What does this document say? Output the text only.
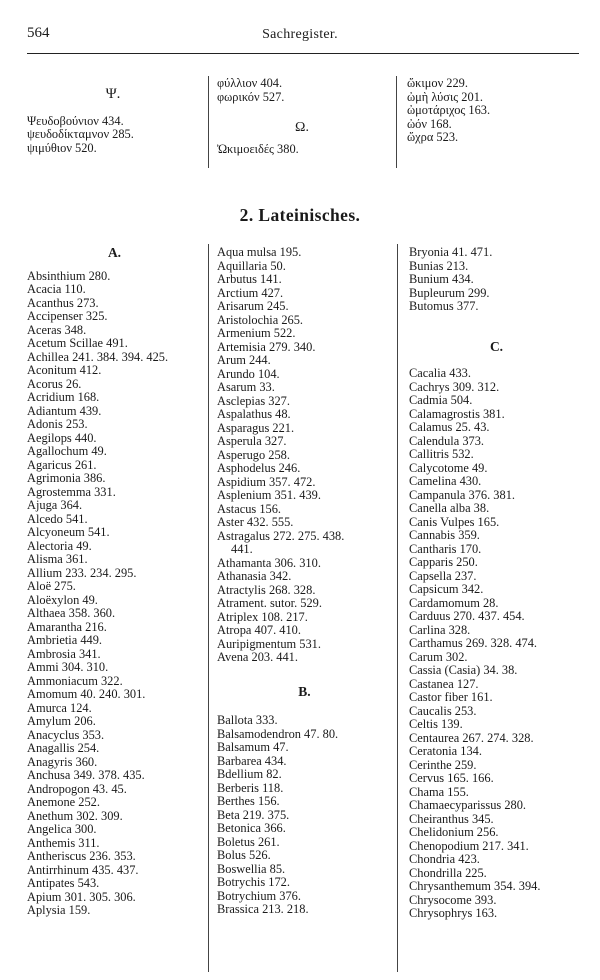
564	Sachregister.
Ψ.
Ψευδοβούνιον 434.
ψευδοδίκταμνον 285.
ψιμύθιον 520.
φύλλιον 404.
φωρικόν 527.
Ω.
Ὠκιμοειδές 380.
ὤκιμον 229.
ὠμὴ λύσις 201.
ὠμοτάριχος 163.
ὠόν 168.
ὤχρα 523.
2. Lateinisches.
A.
Absinthium 280.
Acacia 110.
Acanthus 273.
Accipenser 325.
Aceras 348.
Acetum Scillae 491.
Achillea 241. 384. 394. 425.
Aconitum 412.
Acorus 26.
Acridium 168.
Adiantum 439.
Adonis 253.
Aegilops 440.
Agallochum 49.
Agaricus 261.
Agrimonia 386.
Agrostemma 331.
Ajuga 364.
Alcedo 541.
Alcyoneum 541.
Alectoria 49.
Alisma 361.
Allium 233. 234. 295.
Aloë 275.
Aloëxylon 49.
Althaea 358. 360.
Amarantha 216.
Ambrietia 449.
Ambrosia 341.
Ammi 304. 310.
Ammoniacum 322.
Amomum 40. 240. 301.
Amurca 124.
Amylum 206.
Anacyclus 353.
Anagallis 254.
Anagyris 360.
Anchusa 349. 378. 435.
Andropogon 43. 45.
Anemone 252.
Anethum 302. 309.
Angelica 300.
Anthemis 311.
Antheriscus 236. 353.
Antirrhinum 435. 437.
Antipates 543.
Apium 301. 305. 306.
Aplysia 159.
Aqua mulsa 195.
Aquillaria 50.
Arbutus 141.
Arctium 427.
Arisarum 245.
Aristolochia 265.
Armenium 522.
Artemisia 279. 340.
Arum 244.
Arundo 104.
Asarum 33.
Asclepias 327.
Aspalathus 48.
Asparagus 221.
Asperula 327.
Asperugo 258.
Asphodelus 246.
Aspidium 357. 472.
Asplenium 351. 439.
Astacus 156.
Aster 432. 555.
Astragalus 272. 275. 438.
441.
Athamanta 306. 310.
Athanasia 342.
Atractylis 268. 328.
Atrament. sutor. 529.
Atriplex 108. 217.
Atropa 407. 410.
Auripigmentum 531.
Avena 203. 441.
B.
Ballota 333.
Balsamodendron 47. 80.
Balsamum 47.
Barbarea 434.
Bdellium 82.
Berberis 118.
Berthes 156.
Beta 219. 375.
Betonica 366.
Boletus 261.
Bolus 526.
Boswellia 85.
Botrychis 172.
Botrychium 376.
Brassica 213. 218.
Bryonia 41. 471.
Bunias 213.
Bunium 434.
Bupleurum 299.
Butomus 377.
C.
Cacalia 433.
Cachrys 309. 312.
Cadmia 504.
Calamagrostis 381.
Calamus 25. 43.
Calendula 373.
Callitris 532.
Calycotome 49.
Camelina 430.
Campanula 376. 381.
Canella alba 38.
Canis Vulpes 165.
Cannabis 359.
Cantharis 170.
Capparis 250.
Capsella 237.
Capsicum 342.
Cardamomum 28.
Carduus 270. 437. 454.
Carlina 328.
Carthamus 269. 328. 474.
Carum 302.
Cassia (Casia) 34. 38.
Castanea 127.
Castor fiber 161.
Caucalis 253.
Celtis 139.
Centaurea 267. 274. 328.
Ceratonia 134.
Cerinthe 259.
Cervus 165. 166.
Chama 155.
Chamaecyparissus 280.
Cheiranthus 345.
Chelidonium 256.
Chenopodium 217. 341.
Chondria 423.
Chondrilla 225.
Chrysanthemum 354. 394.
Chrysocome 393.
Chrysophrys 163.
